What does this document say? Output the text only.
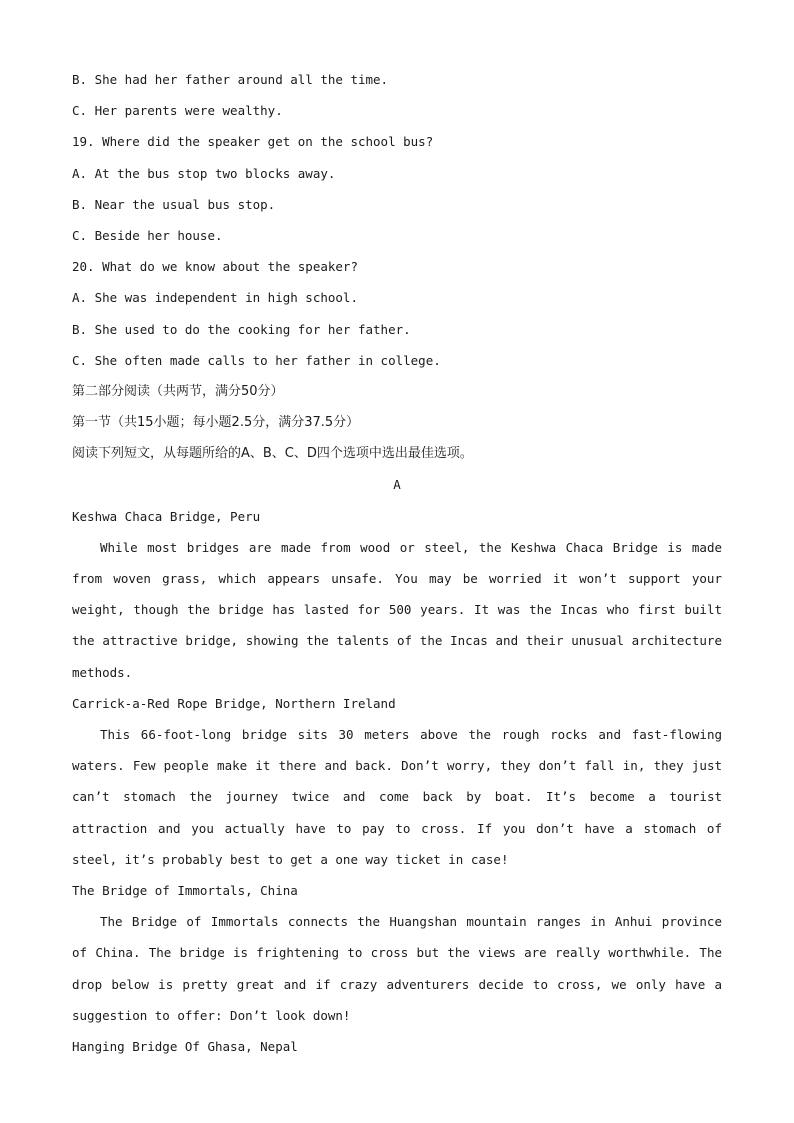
B. She had her father around all the time.
C. Her parents were wealthy.
19. Where did the speaker get on the school bus?
A. At the bus stop two blocks away.
B. Near the usual bus stop.
C. Beside her house.
20. What do we know about the speaker?
A. She was independent in high school.
B. She used to do the cooking for her father.
C. She often made calls to her father in college.
第二部分阅读（共两节，满分50分）
第一节（共15小题；每小题2.5分，满分37.5分）
阅读下列短文，从每题所给的A、B、C、D四个选项中选出最佳选项。
A
Keshwa Chaca Bridge, Peru
While most bridges are made from wood or steel, the Keshwa Chaca Bridge is made from woven grass, which appears unsafe. You may be worried it won’t support your weight, though the bridge has lasted for 500 years. It was the Incas who first built the attractive bridge, showing the talents of the Incas and their unusual architecture methods.
Carrick-a-Red Rope Bridge, Northern Ireland
This 66-foot-long bridge sits 30 meters above the rough rocks and fast-flowing waters. Few people make it there and back. Don’t worry, they don’t fall in, they just can’t stomach the journey twice and come back by boat. It’s become a tourist attraction and you actually have to pay to cross. If you don’t have a stomach of steel, it’s probably best to get a one way ticket in case!
The Bridge of Immortals, China
The Bridge of Immortals connects the Huangshan mountain ranges in Anhui province of China. The bridge is frightening to cross but the views are really worthwhile. The drop below is pretty great and if crazy adventurers decide to cross, we only have a suggestion to offer: Don’t look down!
Hanging Bridge Of Ghasa, Nepal
